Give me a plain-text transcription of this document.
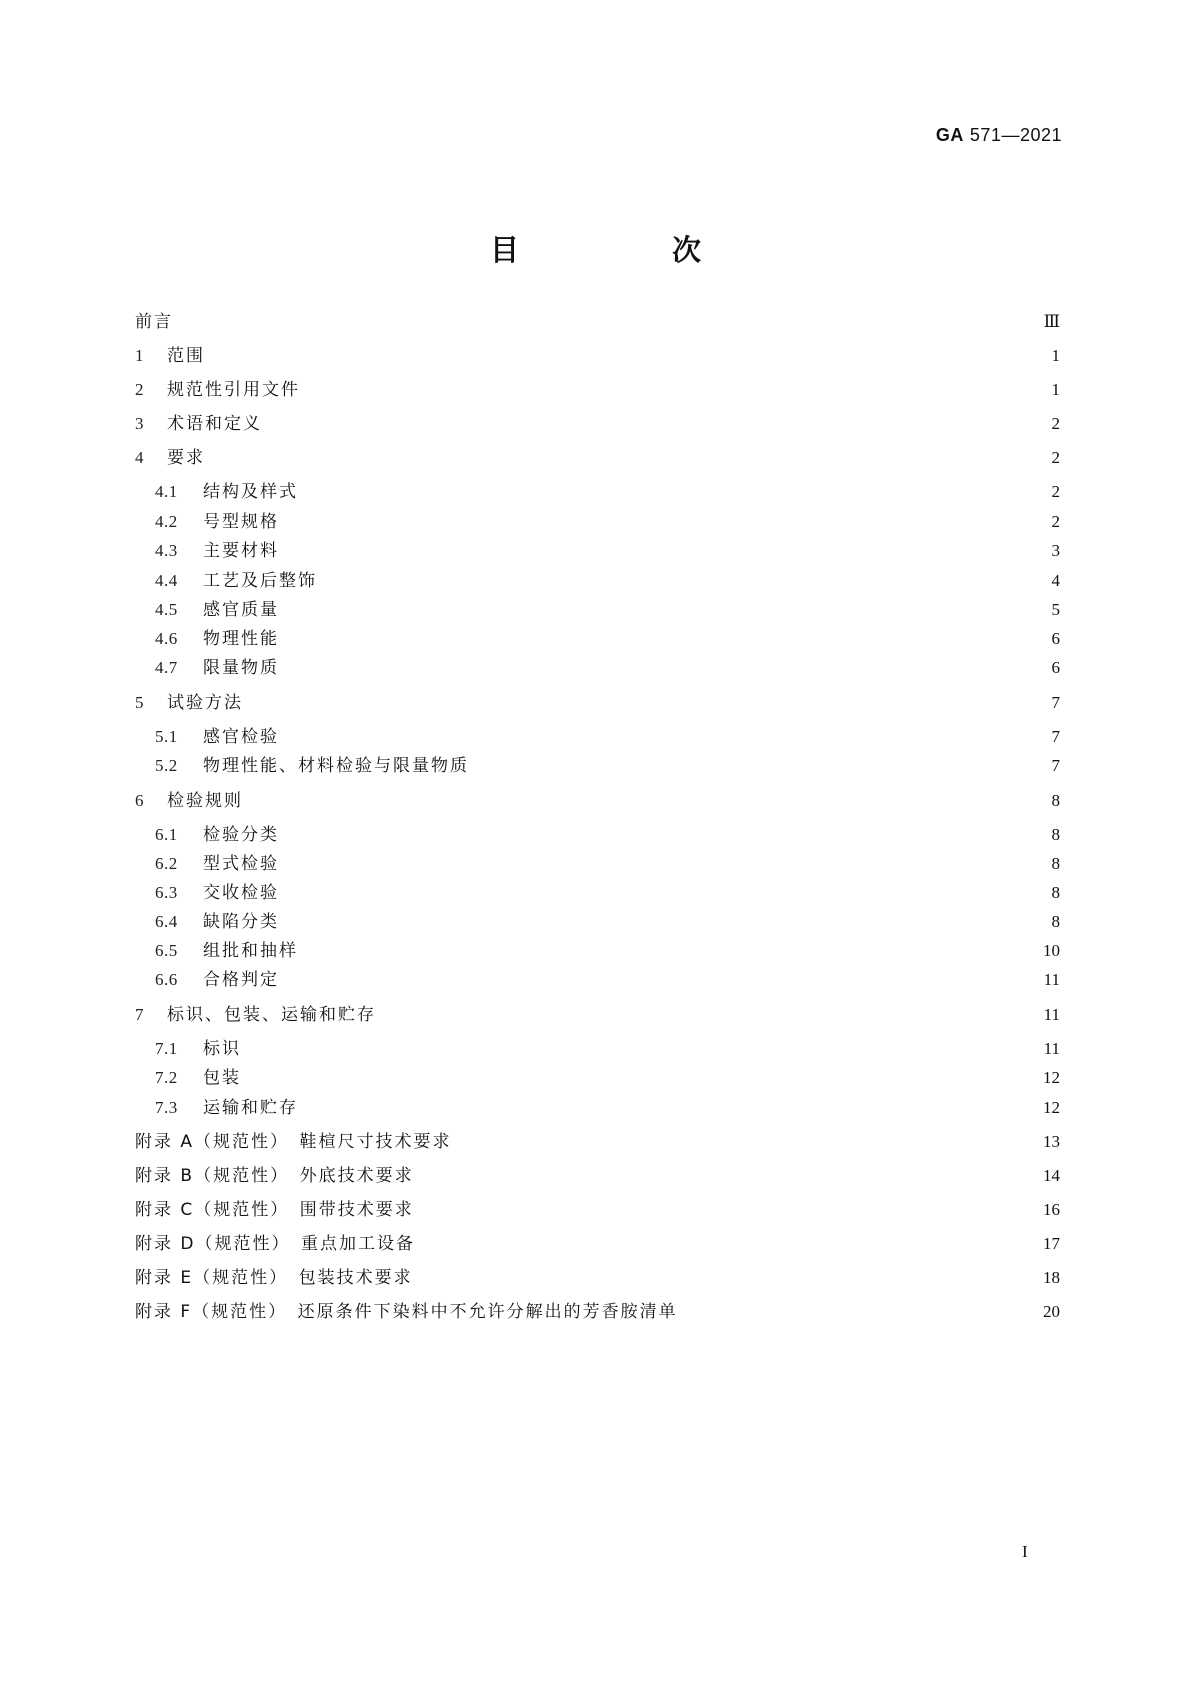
GA 571—2021
目　次
前言	Ⅲ
1	范围	1
2	规范性引用文件	1
3	术语和定义	2
4	要求	2
4.1	结构及样式	2
4.2	号型规格	2
4.3	主要材料	3
4.4	工艺及后整饰	4
4.5	感官质量	5
4.6	物理性能	6
4.7	限量物质	6
5	试验方法	7
5.1	感官检验	7
5.2	物理性能、材料检验与限量物质	7
6	检验规则	8
6.1	检验分类	8
6.2	型式检验	8
6.3	交收检验	8
6.4	缺陷分类	8
6.5	组批和抽样	10
6.6	合格判定	11
7	标识、包装、运输和贮存	11
7.1	标识	11
7.2	包装	12
7.3	运输和贮存	12
附录 A（规范性）　鞋楦尺寸技术要求	13
附录 B（规范性）　外底技术要求	14
附录 C（规范性）　围带技术要求	16
附录 D（规范性）　重点加工设备	17
附录 E（规范性）　包装技术要求	18
附录 F（规范性）　还原条件下染料中不允许分解出的芳香胺清单	20
I
